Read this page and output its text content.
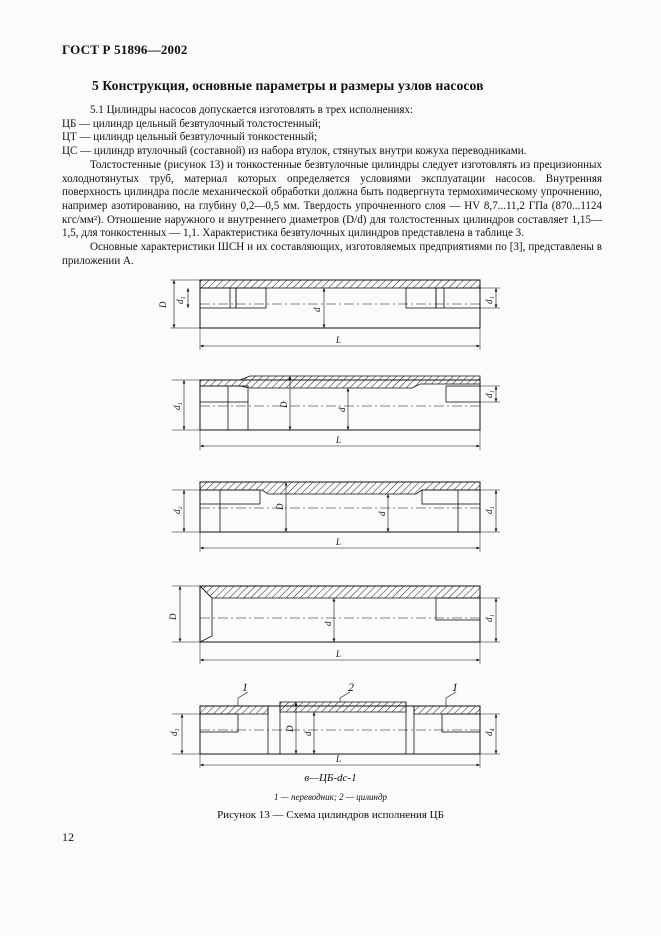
ГОСТ Р 51896—2002
5 Конструкция, основные параметры и размеры узлов насосов

5.1 Цилиндры насосов допускается изготовлять в трех исполнениях:

ЦБ — цилиндр цельный безвтулочный толстостенный;

ЦТ — цилиндр цельный безвтулочный тонкостенный;

ЦС — цилиндр втулочный (составной) из набора втулок, стянутых внутри кожуха переводниками.

Толстостенные (рисунок 13) и тонкостенные безвтулочные цилиндры следует изготовлять из прецизионных холоднотянутых труб, материал которых определяется условиями эксплуатации насосов. Внутренняя поверхность цилиндра после механической обработки должна быть подвергнута термохимическому упрочнению, например азотированию, на глубину 0,2—0,5 мм. Твердость упрочненного слоя — HV 8,7...11,2 ГПа (870...1124 кгс/мм²). Отношение наружного и внутреннего диаметров (D/d) для толстостенных цилиндров составляет 1,15—1,5, для тонкостенных — 1,1. Характеристика безвтулочных цилиндров представлена в таблице 3.

Основные характеристики ШСН и их составляющих, изготовляемых предприятиями по [3], представлены в приложении А.

D
d₁
d
d₁
L
d₁	D
d
d₁
L
d₂	D
d	d₁
L
D
d
d₁
L
1	2	1
d₃	D
d	d₄
L
в—ЦБ-dc-1
1 — переводник; 2 — цилиндр
Рисунок 13 — Схема цилиндров исполнения ЦБ
12
